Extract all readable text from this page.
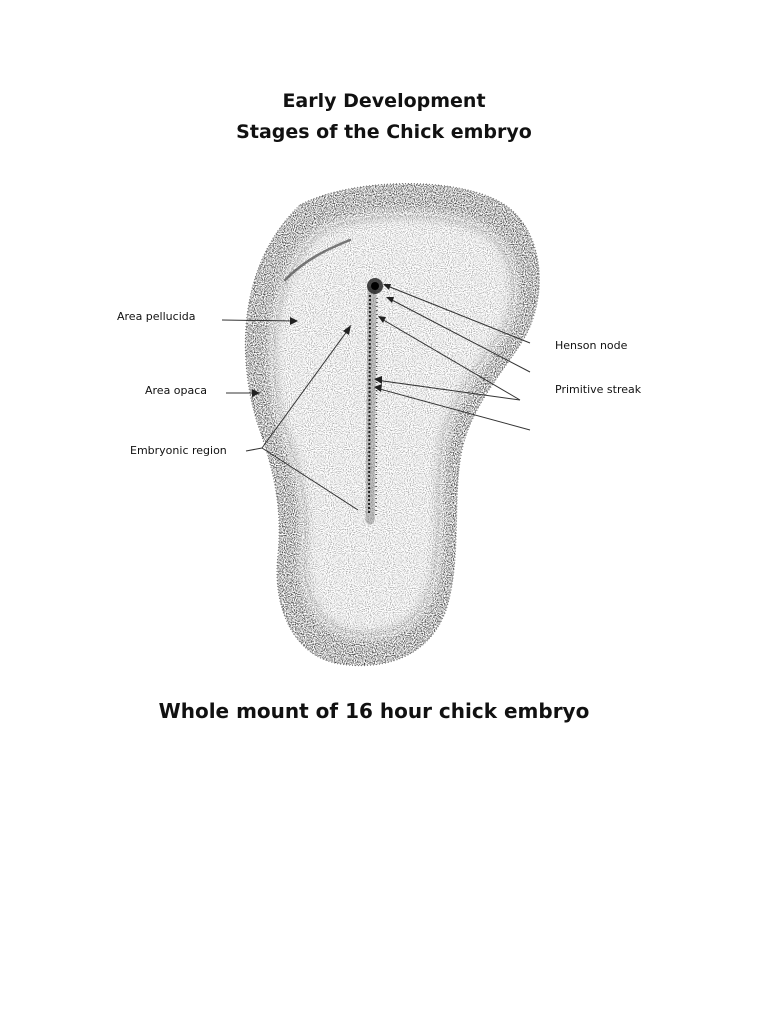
Early Development
Stages of the Chick embryo

Area pellucida

Area opaca

Embryonic region

Henson node

Primitive streak

Whole mount of 16 hour chick embryo
